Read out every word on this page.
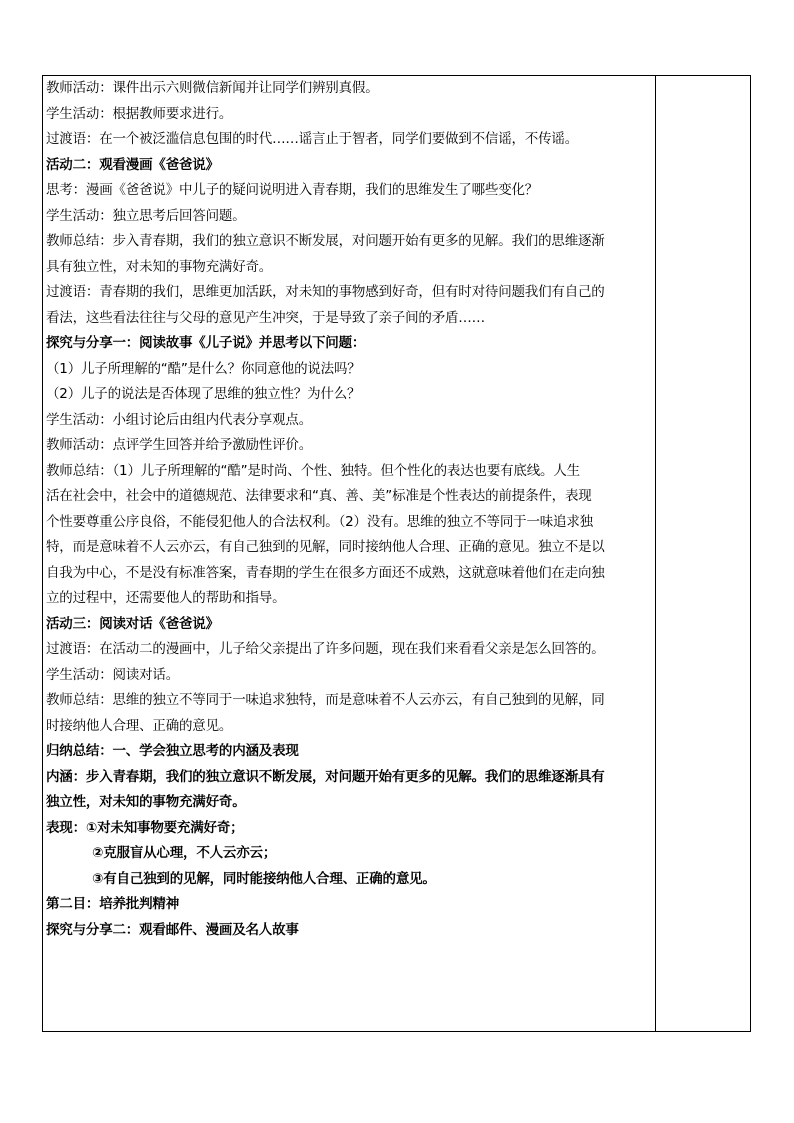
教师活动：课件出示六则微信新闻并让同学们辨别真假。
学生活动：根据教师要求进行。
过渡语：在一个被泛滥信息包围的时代……谣言止于智者，同学们要做到不信谣，不传谣。
活动二：观看漫画《爸爸说》
思考：漫画《爸爸说》中儿子的疑问说明进入青春期，我们的思维发生了哪些变化？
学生活动：独立思考后回答问题。
教师总结：步入青春期，我们的独立意识不断发展，对问题开始有更多的见解。我们的思维逐渐
具有独立性，对未知的事物充满好奇。
过渡语：青春期的我们，思维更加活跃，对未知的事物感到好奇，但有时对待问题我们有自己的
看法，这些看法往往与父母的意见产生冲突，于是导致了亲子间的矛盾……
探究与分享一：阅读故事《儿子说》并思考以下问题：
（1）儿子所理解的“酷”是什么？你同意他的说法吗？
（2）儿子的说法是否体现了思维的独立性？为什么？
学生活动：小组讨论后由组内代表分享观点。
教师活动：点评学生回答并给予激励性评价。
教师总结：（1）儿子所理解的“酷”是时尚、个性、独特。但个性化的表达也要有底线。人生
活在社会中，社会中的道德规范、法律要求和“真、善、美”标准是个性表达的前提条件，表现
个性要尊重公序良俗，不能侵犯他人的合法权利。（2）没有。思维的独立不等同于一味追求独
特，而是意味着不人云亦云，有自己独到的见解，同时接纳他人合理、正确的意见。独立不是以
自我为中心，不是没有标准答案，青春期的学生在很多方面还不成熟，这就意味着他们在走向独
立的过程中，还需要他人的帮助和指导。
活动三：阅读对话《爸爸说》
过渡语：在活动二的漫画中，儿子给父亲提出了许多问题，现在我们来看看父亲是怎么回答的。
学生活动：阅读对话。
教师总结：思维的独立不等同于一味追求独特，而是意味着不人云亦云，有自己独到的见解，同
时接纳他人合理、正确的意见。
归纳总结：一、学会独立思考的内涵及表现
内涵：步入青春期，我们的独立意识不断发展，对问题开始有更多的见解。我们的思维逐渐具有
独立性，对未知的事物充满好奇。
表现：①对未知事物要充满好奇；
②克服盲从心理，不人云亦云；
③有自己独到的见解，同时能接纳他人合理、正确的意见。
第二目：培养批判精神
探究与分享二：观看邮件、漫画及名人故事
